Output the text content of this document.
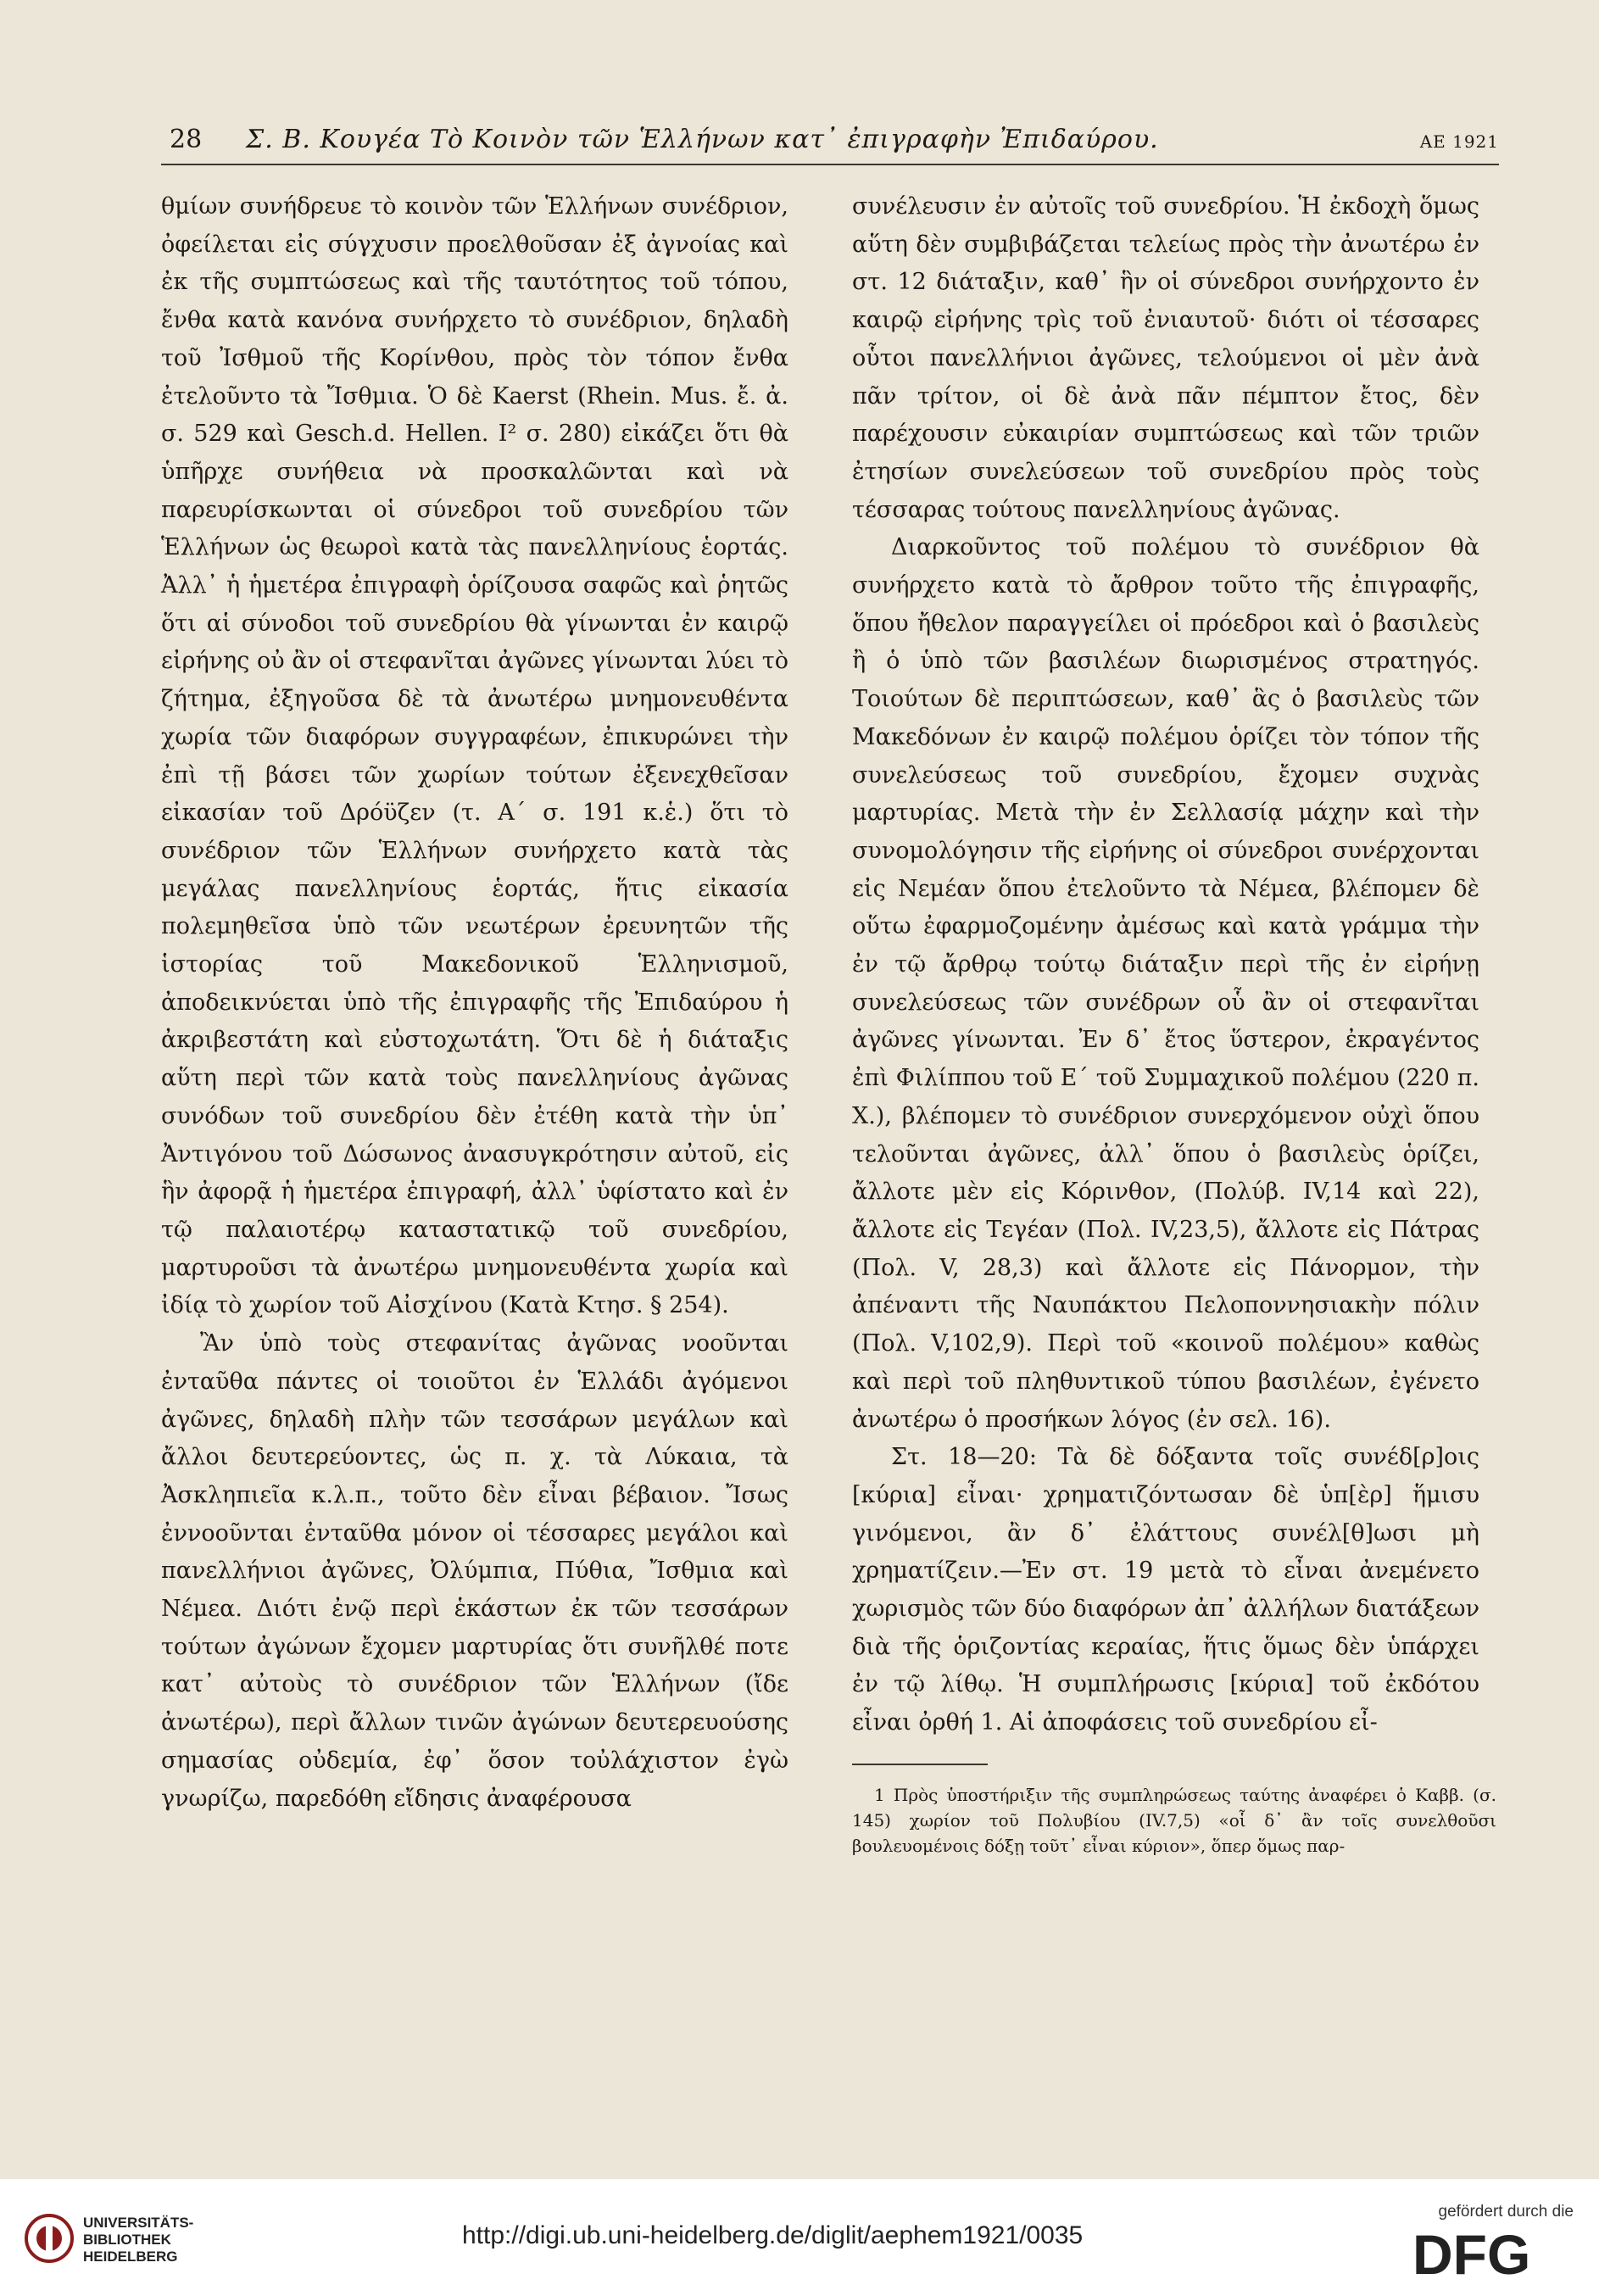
28 Σ. Β. Κουγέα Τὸ Κοινὸν τῶν Ἑλλήνων κατ᾽ ἐπιγραφὴν Ἐπιδαύρου.	ΑΕ 1921

θμίων συνήδρευε τὸ κοινὸν τῶν Ἑλλήνων συνέδριον, ὀφείλεται εἰς σύγχυσιν προελθοῦσαν ἐξ ἀγνοίας καὶ ἐκ τῆς συμπτώσεως καὶ τῆς ταυτότητος τοῦ τόπου, ἔνθα κατὰ κανόνα συνήρχετο τὸ συνέδριον, δηλαδὴ τοῦ Ἰσθμοῦ τῆς Κορίνθου, πρὸς τὸν τόπον ἔνθα ἐτελοῦντο τὰ Ἴσθμια. Ὁ δὲ Kaerst (Rhein. Mus. ἔ. ἀ. σ. 529 καὶ Gesch.d. Hellen. I² σ. 280) εἰκάζει ὅτι θὰ ὑπῆρχε συνήθεια νὰ προσκαλῶνται καὶ νὰ παρευρίσκωνται οἱ σύνεδροι τοῦ συνεδρίου τῶν Ἑλλήνων ὡς θεωροὶ κατὰ τὰς πανελληνίους ἑορτάς. Ἀλλ᾽ ἡ ἡμετέρα ἐπιγραφὴ ὁρίζουσα σαφῶς καὶ ῥητῶς ὅτι αἱ σύνοδοι τοῦ συνεδρίου θὰ γίνωνται ἐν καιρῷ εἰρήνης οὐ ἂν οἱ στεφανῖται ἀγῶνες γίνωνται λύει τὸ ζήτημα, ἐξηγοῦσα δὲ τὰ ἀνωτέρω μνημονευθέντα χωρία τῶν διαφόρων συγγραφέων, ἐπικυρώνει τὴν ἐπὶ τῇ βάσει τῶν χωρίων τούτων ἐξενεχθεῖσαν εἰκασίαν τοῦ Δρόϋζεν (τ. Α΄ σ. 191 κ.ἑ.) ὅτι τὸ συνέδριον τῶν Ἑλλήνων συνήρχετο κατὰ τὰς μεγάλας πανελληνίους ἑορτάς, ἥτις εἰκασία πολεμηθεῖσα ὑπὸ τῶν νεωτέρων ἐρευνητῶν τῆς ἱστορίας τοῦ Μακεδονικοῦ Ἑλληνισμοῦ, ἀποδεικνύεται ὑπὸ τῆς ἐπιγραφῆς τῆς Ἐπιδαύρου ἡ ἀκριβεστάτη καὶ εὐστοχωτάτη. Ὅτι δὲ ἡ διάταξις αὕτη περὶ τῶν κατὰ τοὺς πανελληνίους ἀγῶνας συνόδων τοῦ συνεδρίου δὲν ἐτέθη κατὰ τὴν ὑπ᾽ Ἀντιγόνου τοῦ Δώσωνος ἀνασυγκρότησιν αὐτοῦ, εἰς ἣν ἀφορᾷ ἡ ἡμετέρα ἐπιγραφή, ἀλλ᾽ ὑφίστατο καὶ ἐν τῷ παλαιοτέρῳ καταστατικῷ τοῦ συνεδρίου, μαρτυροῦσι τὰ ἀνωτέρω μνημονευθέντα χωρία καὶ ἰδίᾳ τὸ χωρίον τοῦ Αἰσχίνου (Κατὰ Κτησ. § 254).

Ἂν ὑπὸ τοὺς στεφανίτας ἀγῶνας νοοῦνται ἐνταῦθα πάντες οἱ τοιοῦτοι ἐν Ἑλλάδι ἀγόμενοι ἀγῶνες, δηλαδὴ πλὴν τῶν τεσσάρων μεγάλων καὶ ἄλλοι δευτερεύοντες, ὡς π. χ. τὰ Λύκαια, τὰ Ἀσκληπιεῖα κ.λ.π., τοῦτο δὲν εἶναι βέβαιον. Ἴσως ἐννοοῦνται ἐνταῦθα μόνον οἱ τέσσαρες μεγάλοι καὶ πανελλήνιοι ἀγῶνες, Ὀλύμπια, Πύθια, Ἴσθμια καὶ Νέμεα. Διότι ἐνῷ περὶ ἑκάστων ἐκ τῶν τεσσάρων τούτων ἀγώνων ἔχομεν μαρτυρίας ὅτι συνῆλθέ ποτε κατ᾽ αὐτοὺς τὸ συνέδριον τῶν Ἑλλήνων (ἴδε ἀνωτέρω), περὶ ἄλλων τινῶν ἀγώνων δευτερευούσης σημασίας οὐδεμία, ἐφ᾽ ὅσον τοὐλάχιστον ἐγὼ γνωρίζω, παρεδόθη εἴδησις ἀναφέρουσα

συνέλευσιν ἐν αὐτοῖς τοῦ συνεδρίου. Ἡ ἐκδοχὴ ὅμως αὕτη δὲν συμβιβάζεται τελείως πρὸς τὴν ἀνωτέρω ἐν στ. 12 διάταξιν, καθ᾽ ἣν οἱ σύνεδροι συνήρχοντο ἐν καιρῷ εἰρήνης τρὶς τοῦ ἐνιαυτοῦ· διότι οἱ τέσσαρες οὗτοι πανελλήνιοι ἀγῶνες, τελούμενοι οἱ μὲν ἀνὰ πᾶν τρίτον, οἱ δὲ ἀνὰ πᾶν πέμπτον ἔτος, δὲν παρέχουσιν εὐκαιρίαν συμπτώσεως καὶ τῶν τριῶν ἐτησίων συνελεύσεων τοῦ συνεδρίου πρὸς τοὺς τέσσαρας τούτους πανελληνίους ἀγῶνας.

Διαρκοῦντος τοῦ πολέμου τὸ συνέδριον θὰ συνήρχετο κατὰ τὸ ἄρθρον τοῦτο τῆς ἐπιγραφῆς, ὅπου ἤθελον παραγγείλει οἱ πρόεδροι καὶ ὁ βασιλεὺς ἢ ὁ ὑπὸ τῶν βασιλέων διωρισμένος στρατηγός. Τοιούτων δὲ περιπτώσεων, καθ᾽ ἃς ὁ βασιλεὺς τῶν Μακεδόνων ἐν καιρῷ πολέμου ὁρίζει τὸν τόπον τῆς συνελεύσεως τοῦ συνεδρίου, ἔχομεν συχνὰς μαρτυρίας. Μετὰ τὴν ἐν Σελλασίᾳ μάχην καὶ τὴν συνομολόγησιν τῆς εἰρήνης οἱ σύνεδροι συνέρχονται εἰς Νεμέαν ὅπου ἐτελοῦντο τὰ Νέμεα, βλέπομεν δὲ οὕτω ἐφαρμοζομένην ἀμέσως καὶ κατὰ γράμμα τὴν ἐν τῷ ἄρθρῳ τούτῳ διάταξιν περὶ τῆς ἐν εἰρήνῃ συνελεύσεως τῶν συνέδρων οὗ ἂν οἱ στεφανῖται ἀγῶνες γίνωνται. Ἐν δ᾽ ἔτος ὕστερον, ἐκραγέντος ἐπὶ Φιλίππου τοῦ Ε΄ τοῦ Συμμαχικοῦ πολέμου (220 π. Χ.), βλέπομεν τὸ συνέδριον συνερχόμενον οὐχὶ ὅπου τελοῦνται ἀγῶνες, ἀλλ᾽ ὅπου ὁ βασιλεὺς ὁρίζει, ἄλλοτε μὲν εἰς Κόρινθον, (Πολύβ. IV,14 καὶ 22), ἄλλοτε εἰς Τεγέαν (Πολ. IV,23,5), ἄλλοτε εἰς Πάτρας (Πολ. V, 28,3) καὶ ἄλλοτε εἰς Πάνορμον, τὴν ἀπέναντι τῆς Ναυπάκτου Πελοποννησιακὴν πόλιν (Πολ. V,102,9). Περὶ τοῦ «κοινοῦ πολέμου» καθὼς καὶ περὶ τοῦ πληθυντικοῦ τύπου βασιλέων, ἐγένετο ἀνωτέρω ὁ προσήκων λόγος (ἐν σελ. 16).

Στ. 18—20: Τὰ δὲ δόξαντα τοῖς συνέδ[ρ]οις [κύρια] εἶναι· χρηματιζόντωσαν δὲ ὑπ[ὲρ] ἥμισυ γινόμενοι, ἂν δ᾽ ἐλάττους συνέλ[θ]ωσι μὴ χρηματίζειν.—Ἐν στ. 19 μετὰ τὸ εἶναι ἀνεμένετο χωρισμὸς τῶν δύο διαφόρων ἀπ᾽ ἀλλήλων διατάξεων διὰ τῆς ὁριζοντίας κεραίας, ἥτις ὅμως δὲν ὑπάρχει ἐν τῷ λίθῳ. Ἡ συμπλήρωσις [κύρια] τοῦ ἐκδότου εἶναι ὀρθή 1. Αἱ ἀποφάσεις τοῦ συνεδρίου εἶ-

1 Πρὸς ὑποστήριξιν τῆς συμπληρώσεως ταύτης ἀναφέρει ὁ Καββ. (σ. 145) χωρίον τοῦ Πολυβίου (IV.7,5) «οἷ δ᾽ ἂν τοῖς συνελθοῦσι βουλευομένοις δόξῃ τοῦτ᾽ εἶναι κύριον», ὅπερ ὅμως παρ-

UNIVERSITÄTS-
BIBLIOTHEK
HEIDELBERG
http://digi.ub.uni-heidelberg.de/diglit/aephem1921/0035
gefördert durch die
DFG
